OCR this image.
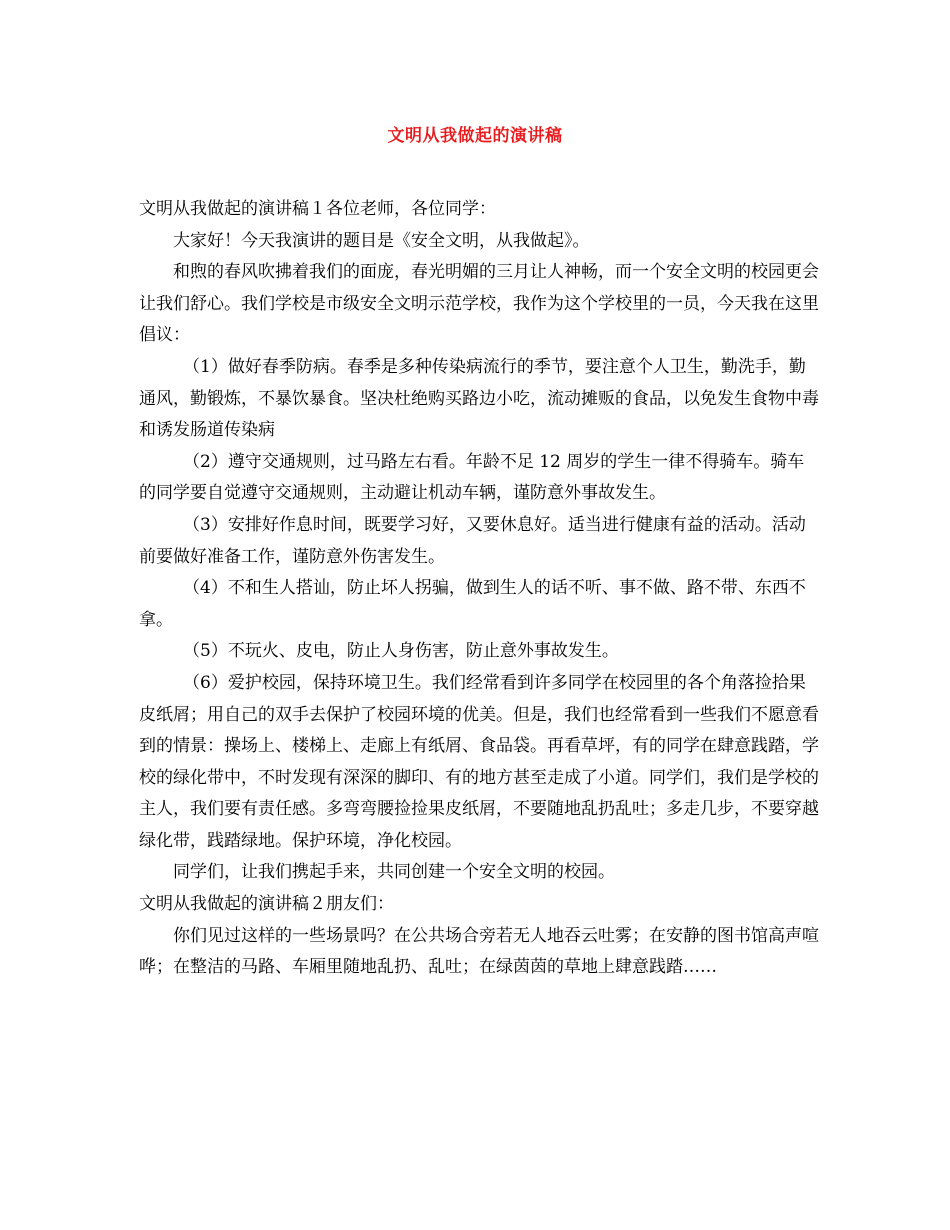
文明从我做起的演讲稿

文明从我做起的演讲稿１各位老师，各位同学：

大家好！今天我演讲的题目是《安全文明，从我做起》。

和煦的春风吹拂着我们的面庞，春光明媚的三月让人神畅，而一个安全文明的校园更会让我们舒心。我们学校是市级安全文明示范学校，我作为这个学校里的一员，今天我在这里倡议：

（1）做好春季防病。春季是多种传染病流行的季节，要注意个人卫生，勤洗手，勤通风，勤锻炼，不暴饮暴食。坚决杜绝购买路边小吃，流动摊贩的食品，以免发生食物中毒和诱发肠道传染病

（2）遵守交通规则，过马路左右看。年龄不足 12 周岁的学生一律不得骑车。骑车的同学要自觉遵守交通规则，主动避让机动车辆，谨防意外事故发生。

（3）安排好作息时间，既要学习好，又要休息好。适当进行健康有益的活动。活动前要做好准备工作，谨防意外伤害发生。

（4）不和生人搭讪，防止坏人拐骗，做到生人的话不听、事不做、路不带、东西不拿。

（5）不玩火、皮电，防止人身伤害，防止意外事故发生。

（6）爱护校园，保持环境卫生。我们经常看到许多同学在校园里的各个角落捡拾果皮纸屑；用自己的双手去保护了校园环境的优美。但是，我们也经常看到一些我们不愿意看到的情景：操场上、楼梯上、走廊上有纸屑、食品袋。再看草坪，有的同学在肆意践踏，学校的绿化带中，不时发现有深深的脚印、有的地方甚至走成了小道。同学们，我们是学校的主人，我们要有责任感。多弯弯腰捡捡果皮纸屑，不要随地乱扔乱吐；多走几步，不要穿越绿化带，践踏绿地。保护环境，净化校园。

同学们，让我们携起手来，共同创建一个安全文明的校园。

文明从我做起的演讲稿２朋友们：

你们见过这样的一些场景吗？在公共场合旁若无人地吞云吐雾；在安静的图书馆高声喧哗；在整洁的马路、车厢里随地乱扔、乱吐；在绿茵茵的草地上肆意践踏……
